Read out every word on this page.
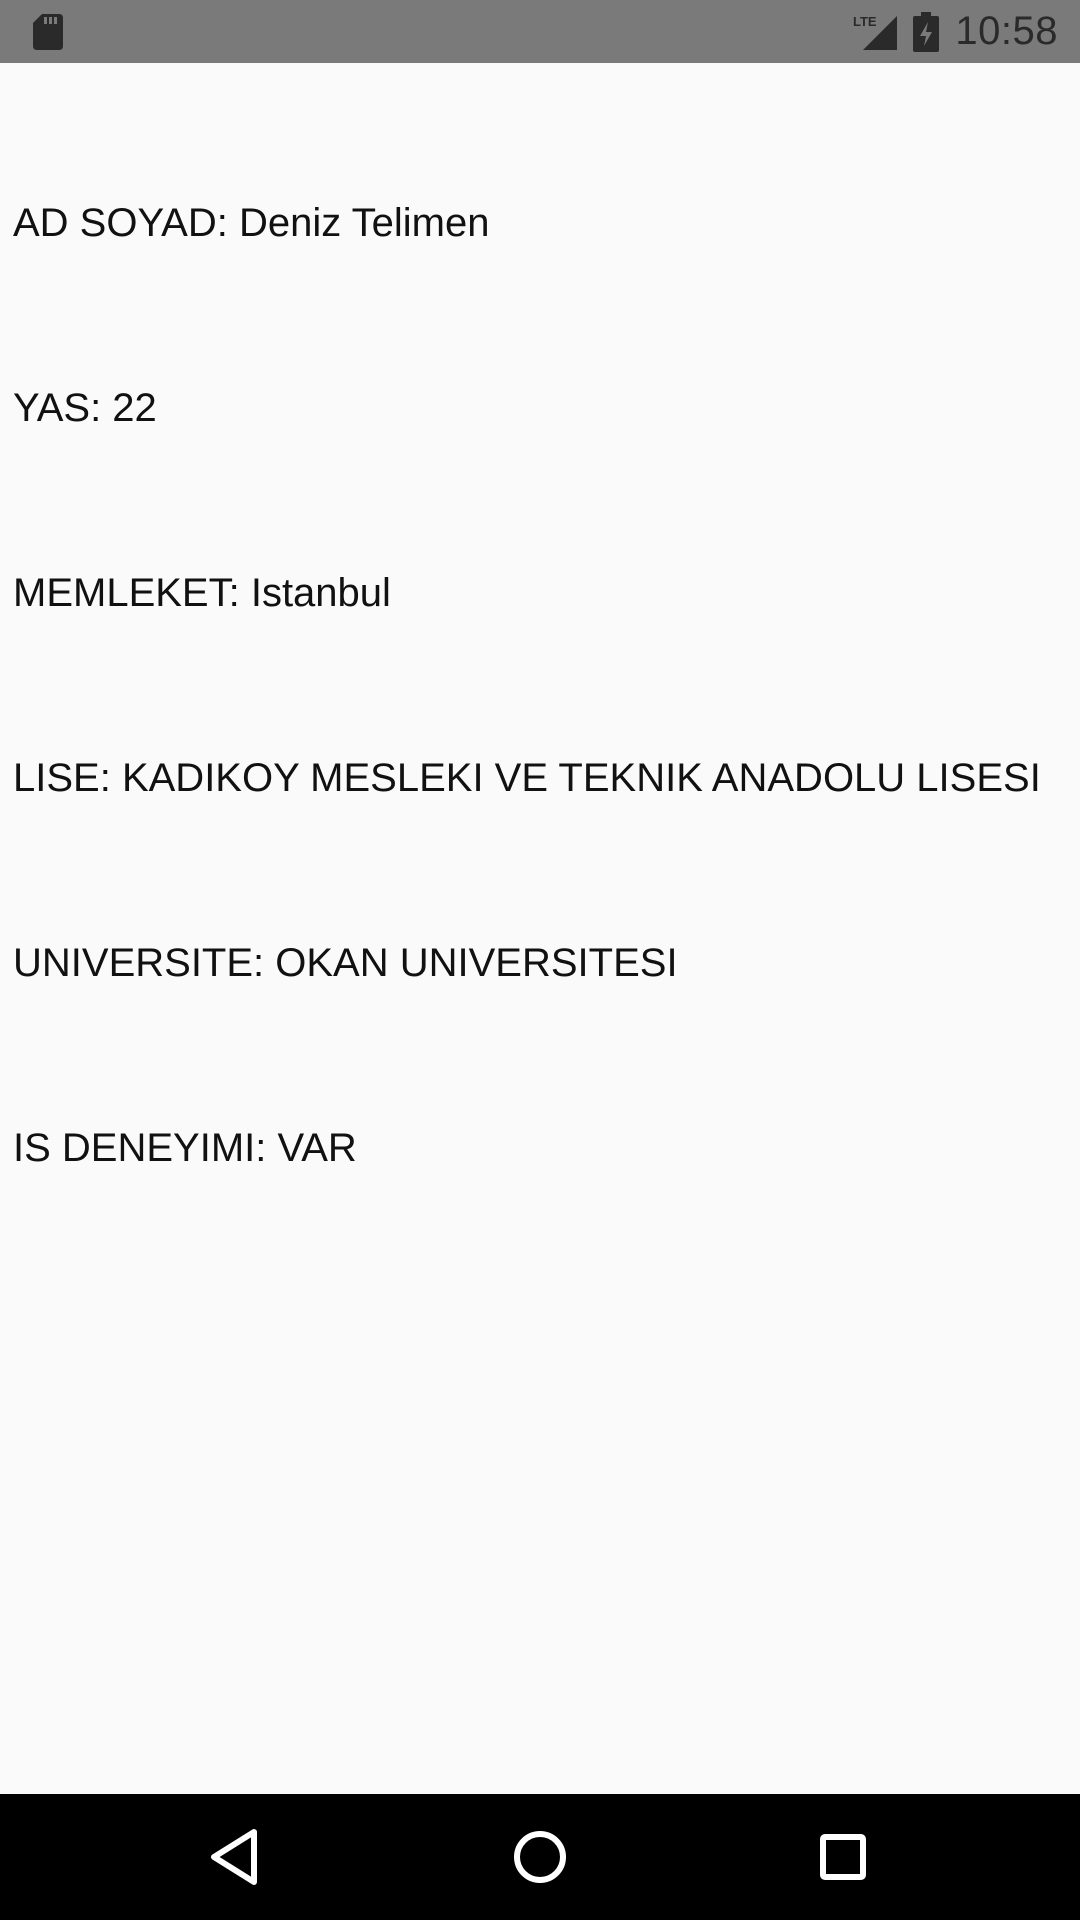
LTE 10:58
AD SOYAD: Deniz Telimen
YAS: 22
MEMLEKET: Istanbul
LISE: KADIKOY MESLEKI VE TEKNIK ANADOLU LISESI
UNIVERSITE: OKAN UNIVERSITESI
IS DENEYIMI: VAR
